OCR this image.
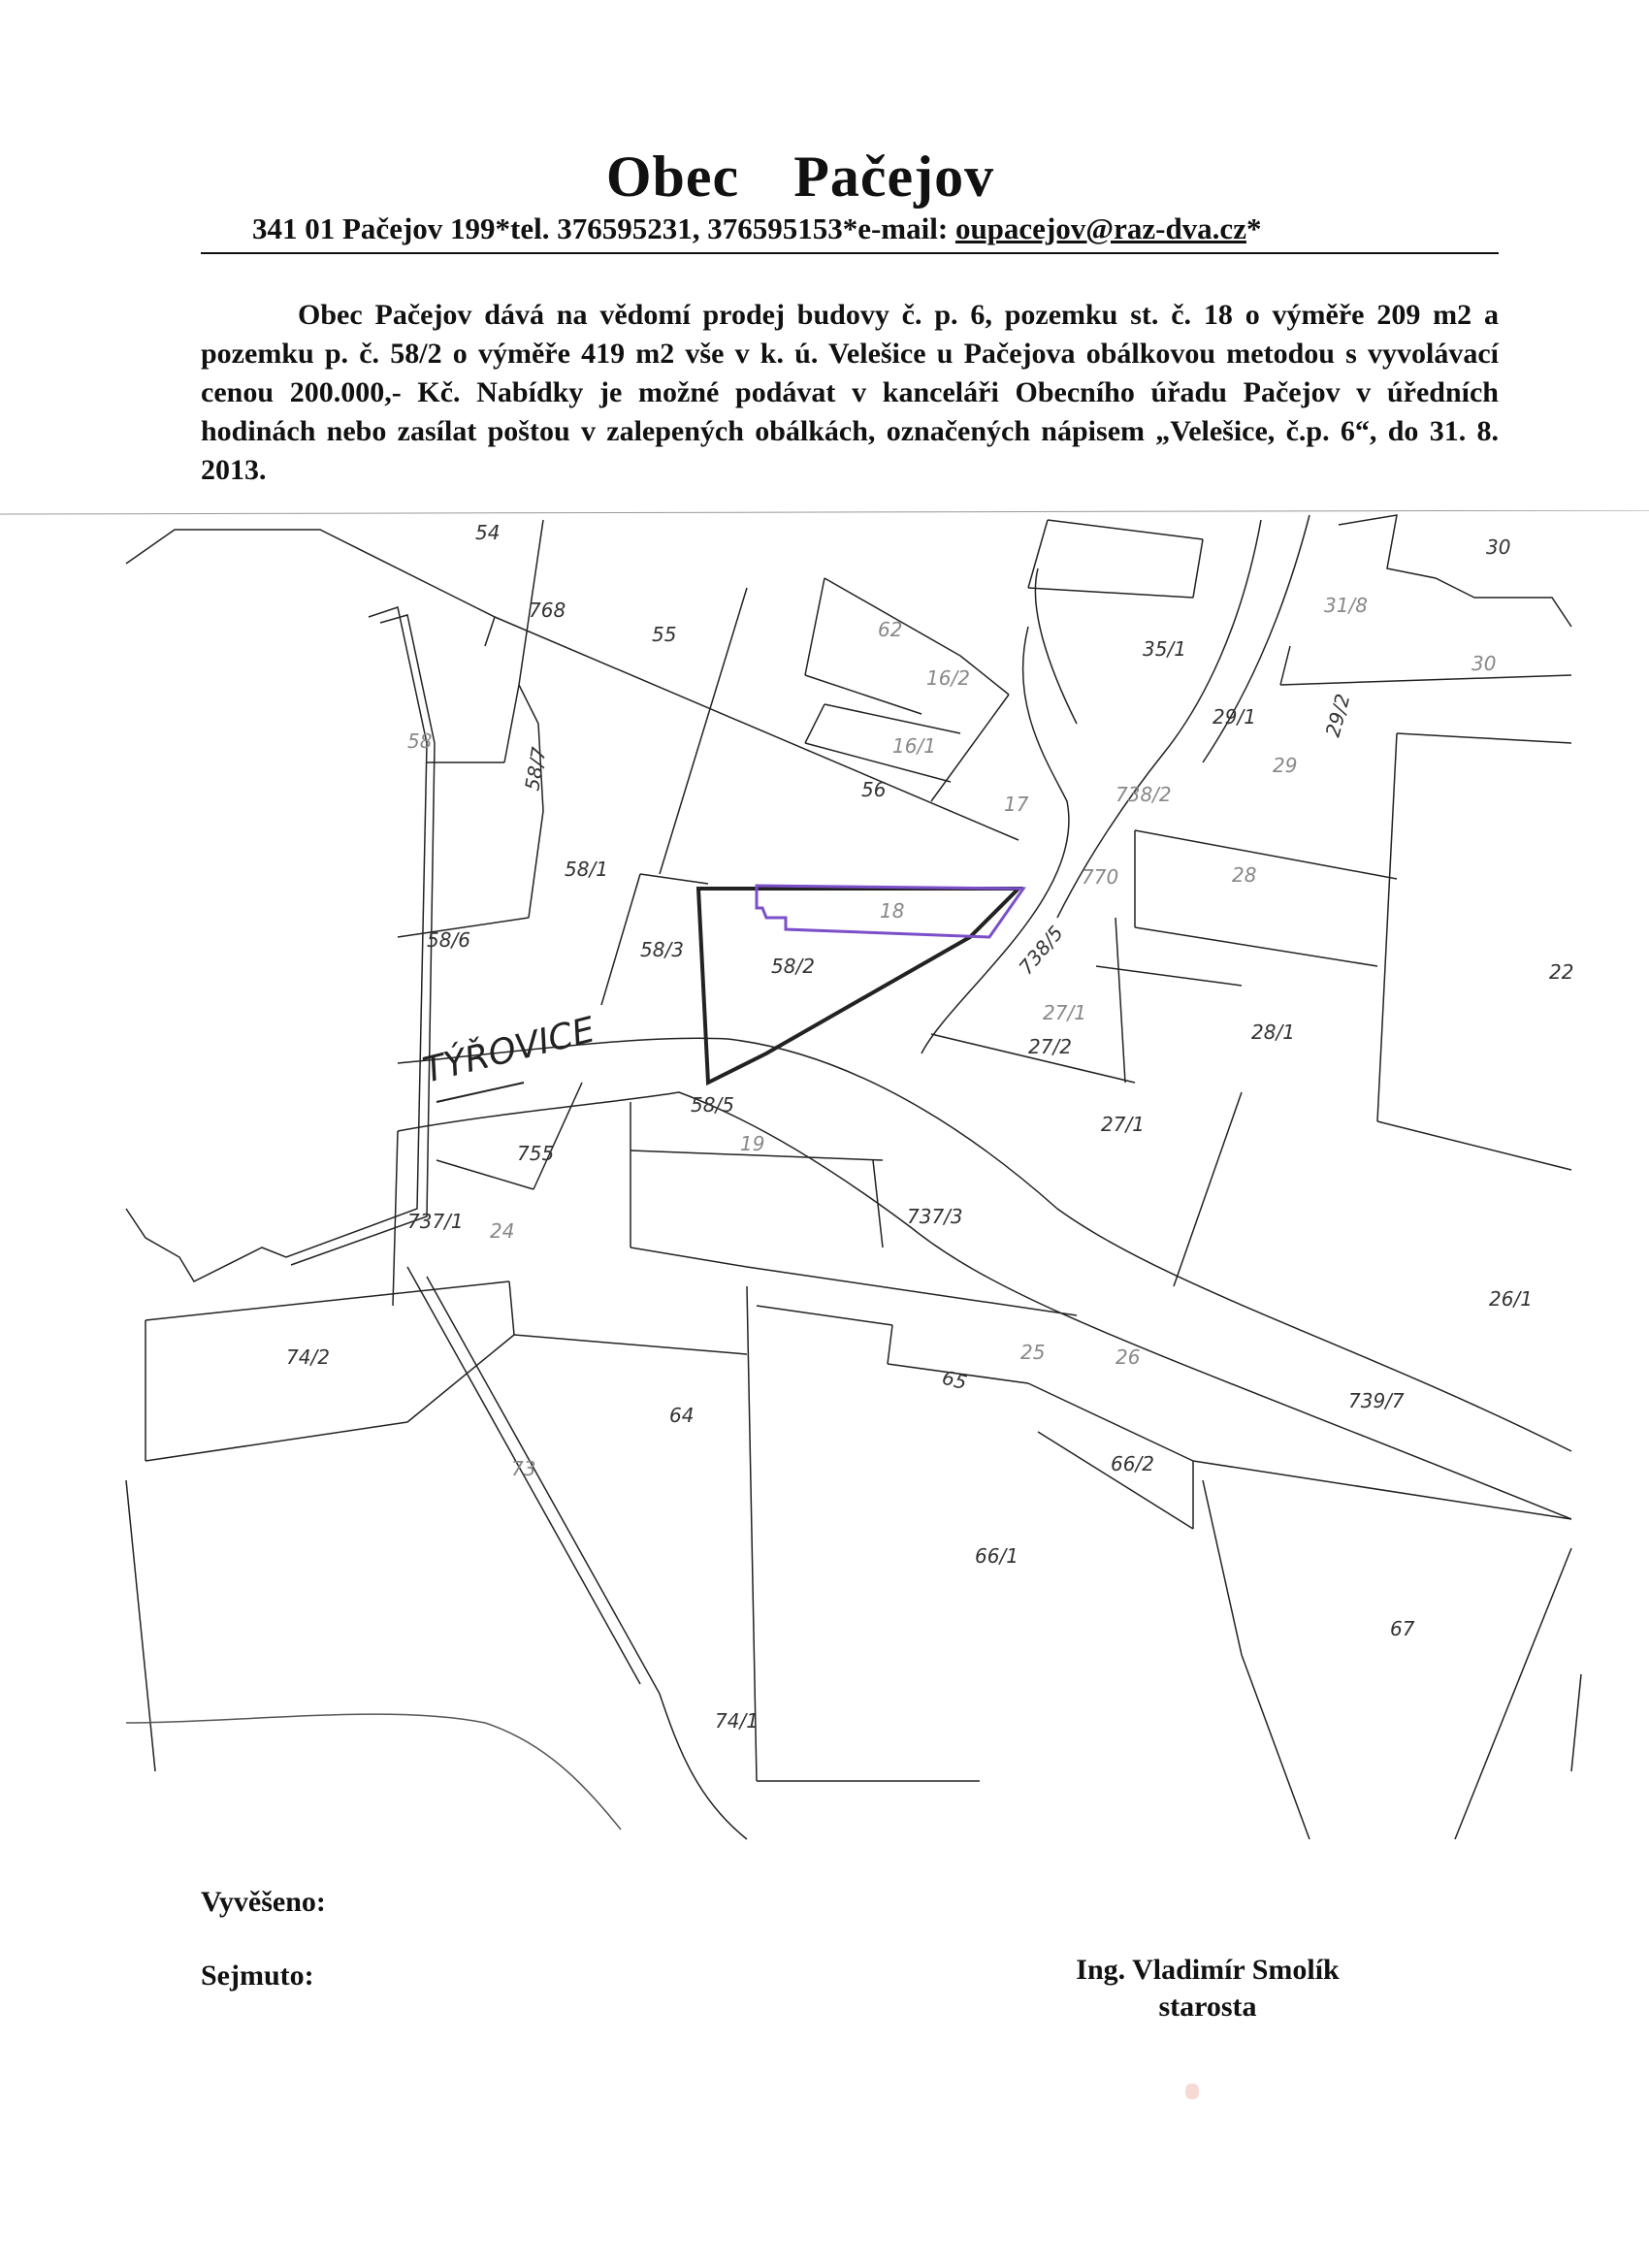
Obec Pačejov
341 01 Pačejov 199*tel. 376595231, 376595153*e-mail: oupacejov@raz-dva.cz*
Obec Pačejov dává na vědomí prodej budovy č. p. 6, pozemku st. č. 18 o výměře 209 m2 a pozemku p. č. 58/2 o výměře 419 m2 vše v k. ú. Velešice u Pačejova obálkovou metodou s vyvolávací cenou 200.000,- Kč. Nabídky je možné podávat v kanceláři Obecního úřadu Pačejov v úředních hodinách nebo zasílat poštou v zalepených obálkách, označených nápisem „Velešice, č.p. 6“, do 31. 8. 2013.
TÝŘOVICE
54
768
55	62
16/2
35/1
30
31/8
30
29/1	29/2
29
58
58/7	16/1
56
17	738/2
28
58/1
18
770
58/3
58/2	738/5
58/6
22
27/1
28/1
27/2
58/5
19
755
27/1
26/1
737/1 24
737/3
74/2
65
25	26
64
739/7
73	66/2
66/1
67
74/1
Vyvěšeno:
Sejmuto:	Ing. Vladimír Smolík
starosta
